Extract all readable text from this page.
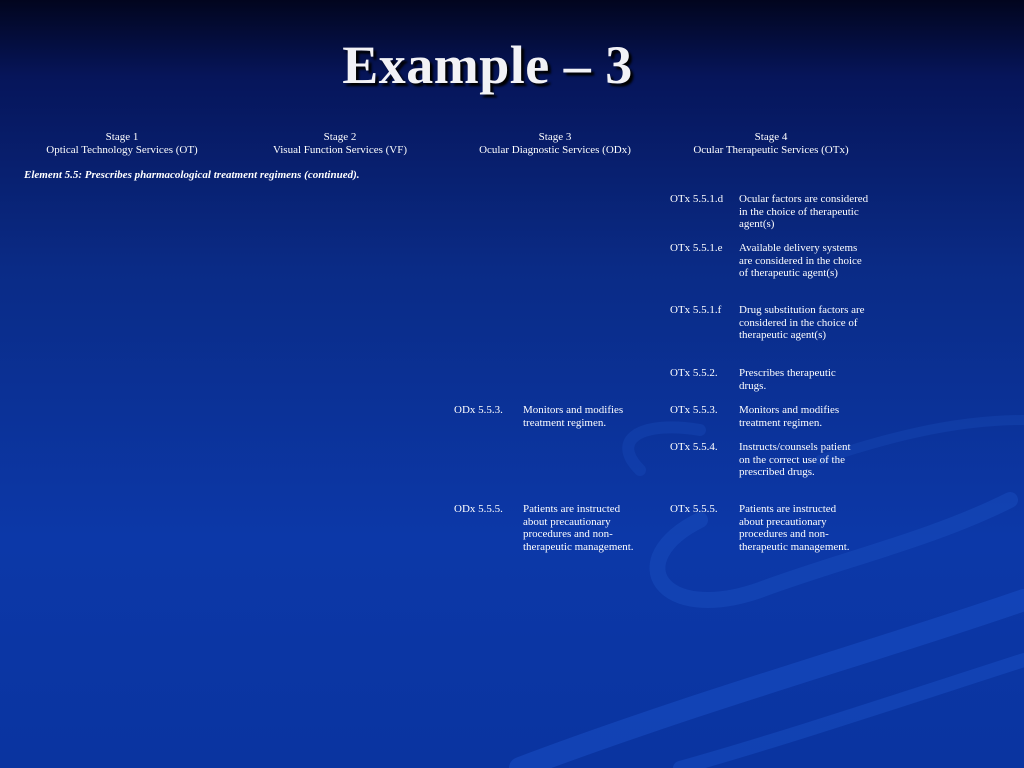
Example – 3
Stage 1
Optical Technology Services (OT)
Stage 2
Visual Function Services (VF)
Stage 3
Ocular Diagnostic Services (ODx)
Stage 4
Ocular Therapeutic Services (OTx)
Element 5.5: Prescribes pharmacological treatment regimens (continued).
OTx 5.5.1.d Ocular factors are considered in the choice of therapeutic agent(s)
OTx 5.5.1.e Available delivery systems are considered in the choice of therapeutic agent(s)
OTx 5.5.1.f Drug substitution factors are considered in the choice of therapeutic agent(s)
OTx 5.5.2. Prescribes therapeutic drugs.
ODx 5.5.3. Monitors and modifies treatment regimen.
OTx 5.5.3. Monitors and modifies treatment regimen.
OTx 5.5.4. Instructs/counsels patient on the correct use of the prescribed drugs.
ODx 5.5.5. Patients are instructed about precautionary procedures and non-therapeutic management.
OTx 5.5.5. Patients are instructed about precautionary procedures and non-therapeutic management.
